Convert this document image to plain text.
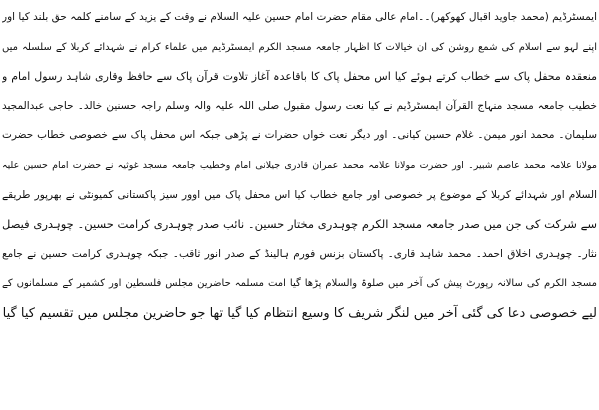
ایمسٹرڈیم (محمد جاوید اقبال کھوکھر)۔۔امام عالی مقام حضرت امام حسین علیہ السلام نے وقت کے یزید کے سامنے کلمہ حق بلند کیا اور
اپنے لہو سے اسلام کی شمع روشن کی ان خیالات کا اظہار جامعہ مسجد الکرم ایمسٹرڈیم میں علماء کرام نے شہدائے کربلا کے سلسلہ میں
منعقدہ محفل پاک سے خطاب کرتے ہوئے کیا اس محفل پاک کا باقاعدہ آغاز تلاوت قرآن پاک سے حافظ وقاری شاہد رسول امام و
خطیب جامعہ مسجد منہاج القرآن ایمسٹرڈیم نے کیا نعت رسول مقبول صلی اللہ علیہ والہ وسلم راجہ حسنین خالد۔ حاجی عبدالمجید
سلیمان۔ محمد انور میمن۔ غلام حسین کیانی۔ اور دیگر نعت خواں حضرات نے پڑھی جبکہ اس محفل پاک سے خصوصی خطاب حضرت
مولانا علامہ محمد عاصم شبیر۔ اور حضرت مولانا علامہ محمد عمران قادری جیلانی امام وخطیب جامعہ مسجد غوثیہ نے حضرت امام حسین علیہ
السلام اور شہدائے کربلا کے موضوع پر خصوصی اور جامع خطاب کیا اس محفل پاک میں اوور سیز پاکستانی کمیونٹی نے بھرپور طریقے
سے شرکت کی جن میں صدر جامعہ مسجد الکرم چوہدری مختار حسین۔ نائب صدر چوہدری کرامت حسین۔ چوہدری فیصل
نثار۔ چوہدری اخلاق احمد۔ محمد شاہد قاری۔ پاکستان بزنس فورم ہالینڈ کے صدر انور ثاقب۔ جبکہ چوہدری کرامت حسین نے جامع
مسجد الکرم کی سالانہ رپورٹ پیش کی آخر میں صلوۃ والسلام پڑھا گیا امت مسلمہ حاضرین مجلس فلسطین اور کشمیر کے مسلمانوں کے
لیے خصوصی دعا کی گئی آخر میں لنگر شریف کا وسیع انتظام کیا گیا تھا جو حاضرین مجلس میں تقسیم کیا گیا
